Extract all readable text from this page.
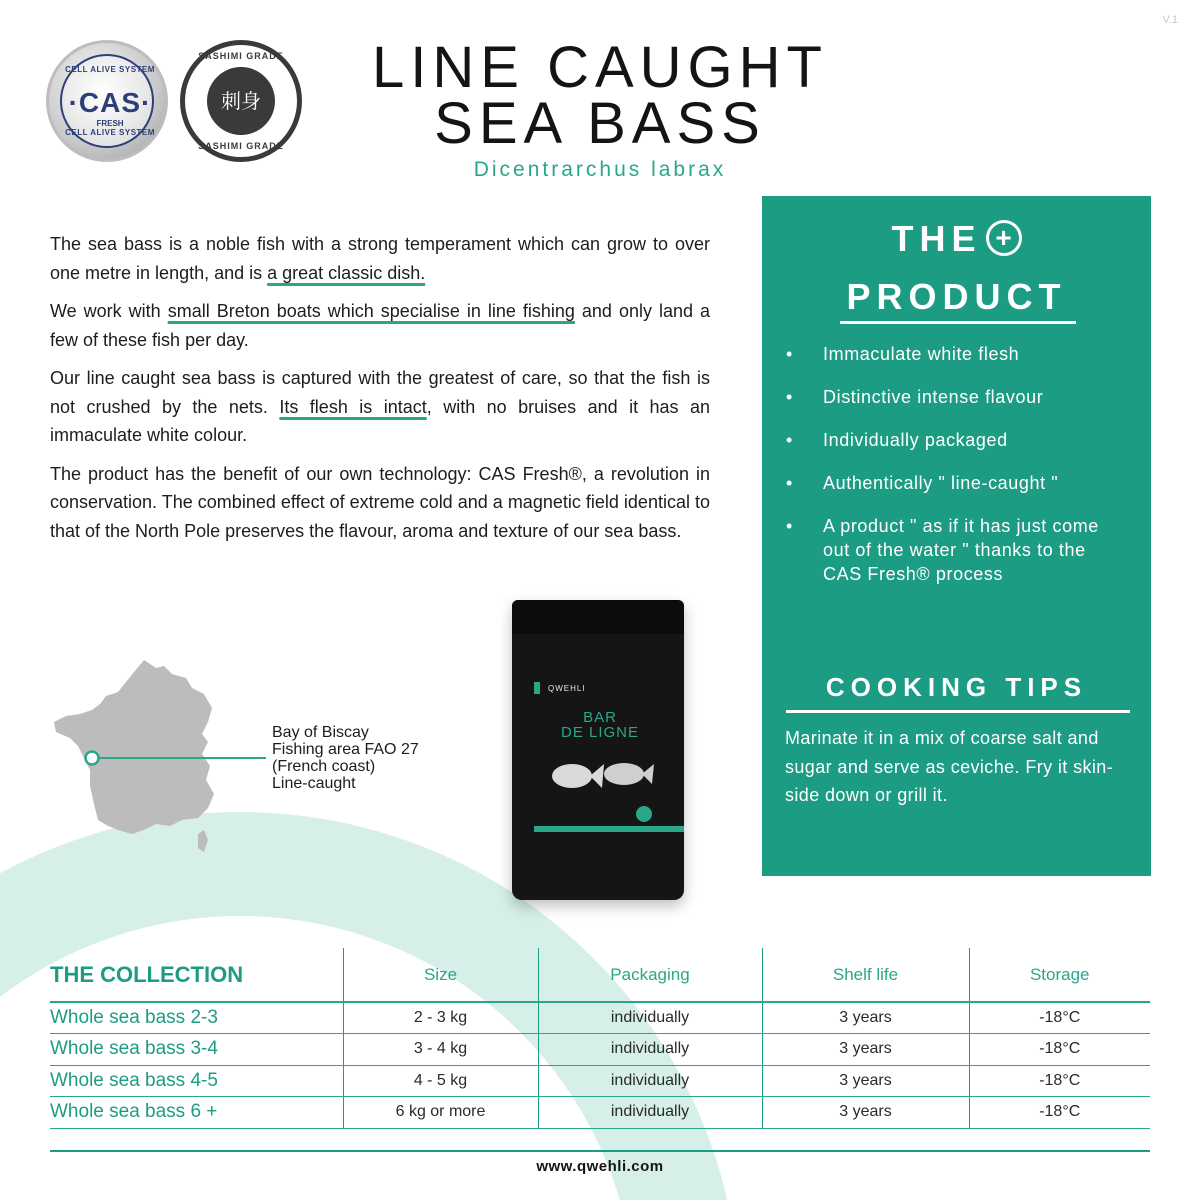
V.1
CELL ALIVE SYSTEM
·CAS·
FRESH
CELL ALIVE SYSTEM
SASHIMI GRADE
刺身
SASHIMI GRADE
LINE CAUGHT
SEA BASS
Dicentrarchus labrax

The sea bass is a noble fish with a strong temperament which can grow to over one metre in length, and is a great classic dish.

We work with small Breton boats which specialise in line fishing and only land a few of these fish per day.

Our line caught sea bass is captured with the greatest of care, so that the fish is not crushed by the nets. Its flesh is intact, with no bruises and it has an immaculate white colour.

The product has the benefit of our own technology: CAS Fresh®, a revolution in conservation. The combined effect of extreme cold and a magnetic field identical to that of the North Pole preserves the flavour, aroma and texture of our sea bass.

Bay of Biscay
Fishing area FAO 27
(French coast)
Line-caught
QWEHLI
BAR
DE LIGNE
THE +
PRODUCT
• Immaculate white flesh
• Distinctive intense flavour
• Individually packaged
• Authentically " line-caught "
• A product " as if it has just come out of the water " thanks to the CAS Fresh® process
COOKING TIPS
Marinate it in a mix of coarse salt and sugar and serve as ceviche. Fry it skin-side down or grill it.
THE COLLECTION	Size	Packaging	Shelf life	Storage
Whole sea bass 2-3	2 - 3 kg	individually	3 years	-18°C
Whole sea bass 3-4	3 - 4 kg	individually	3 years	-18°C
Whole sea bass 4-5	4 - 5 kg	individually	3 years	-18°C
Whole sea bass 6 +	6 kg or more	individually	3 years	-18°C
www.qwehli.com
